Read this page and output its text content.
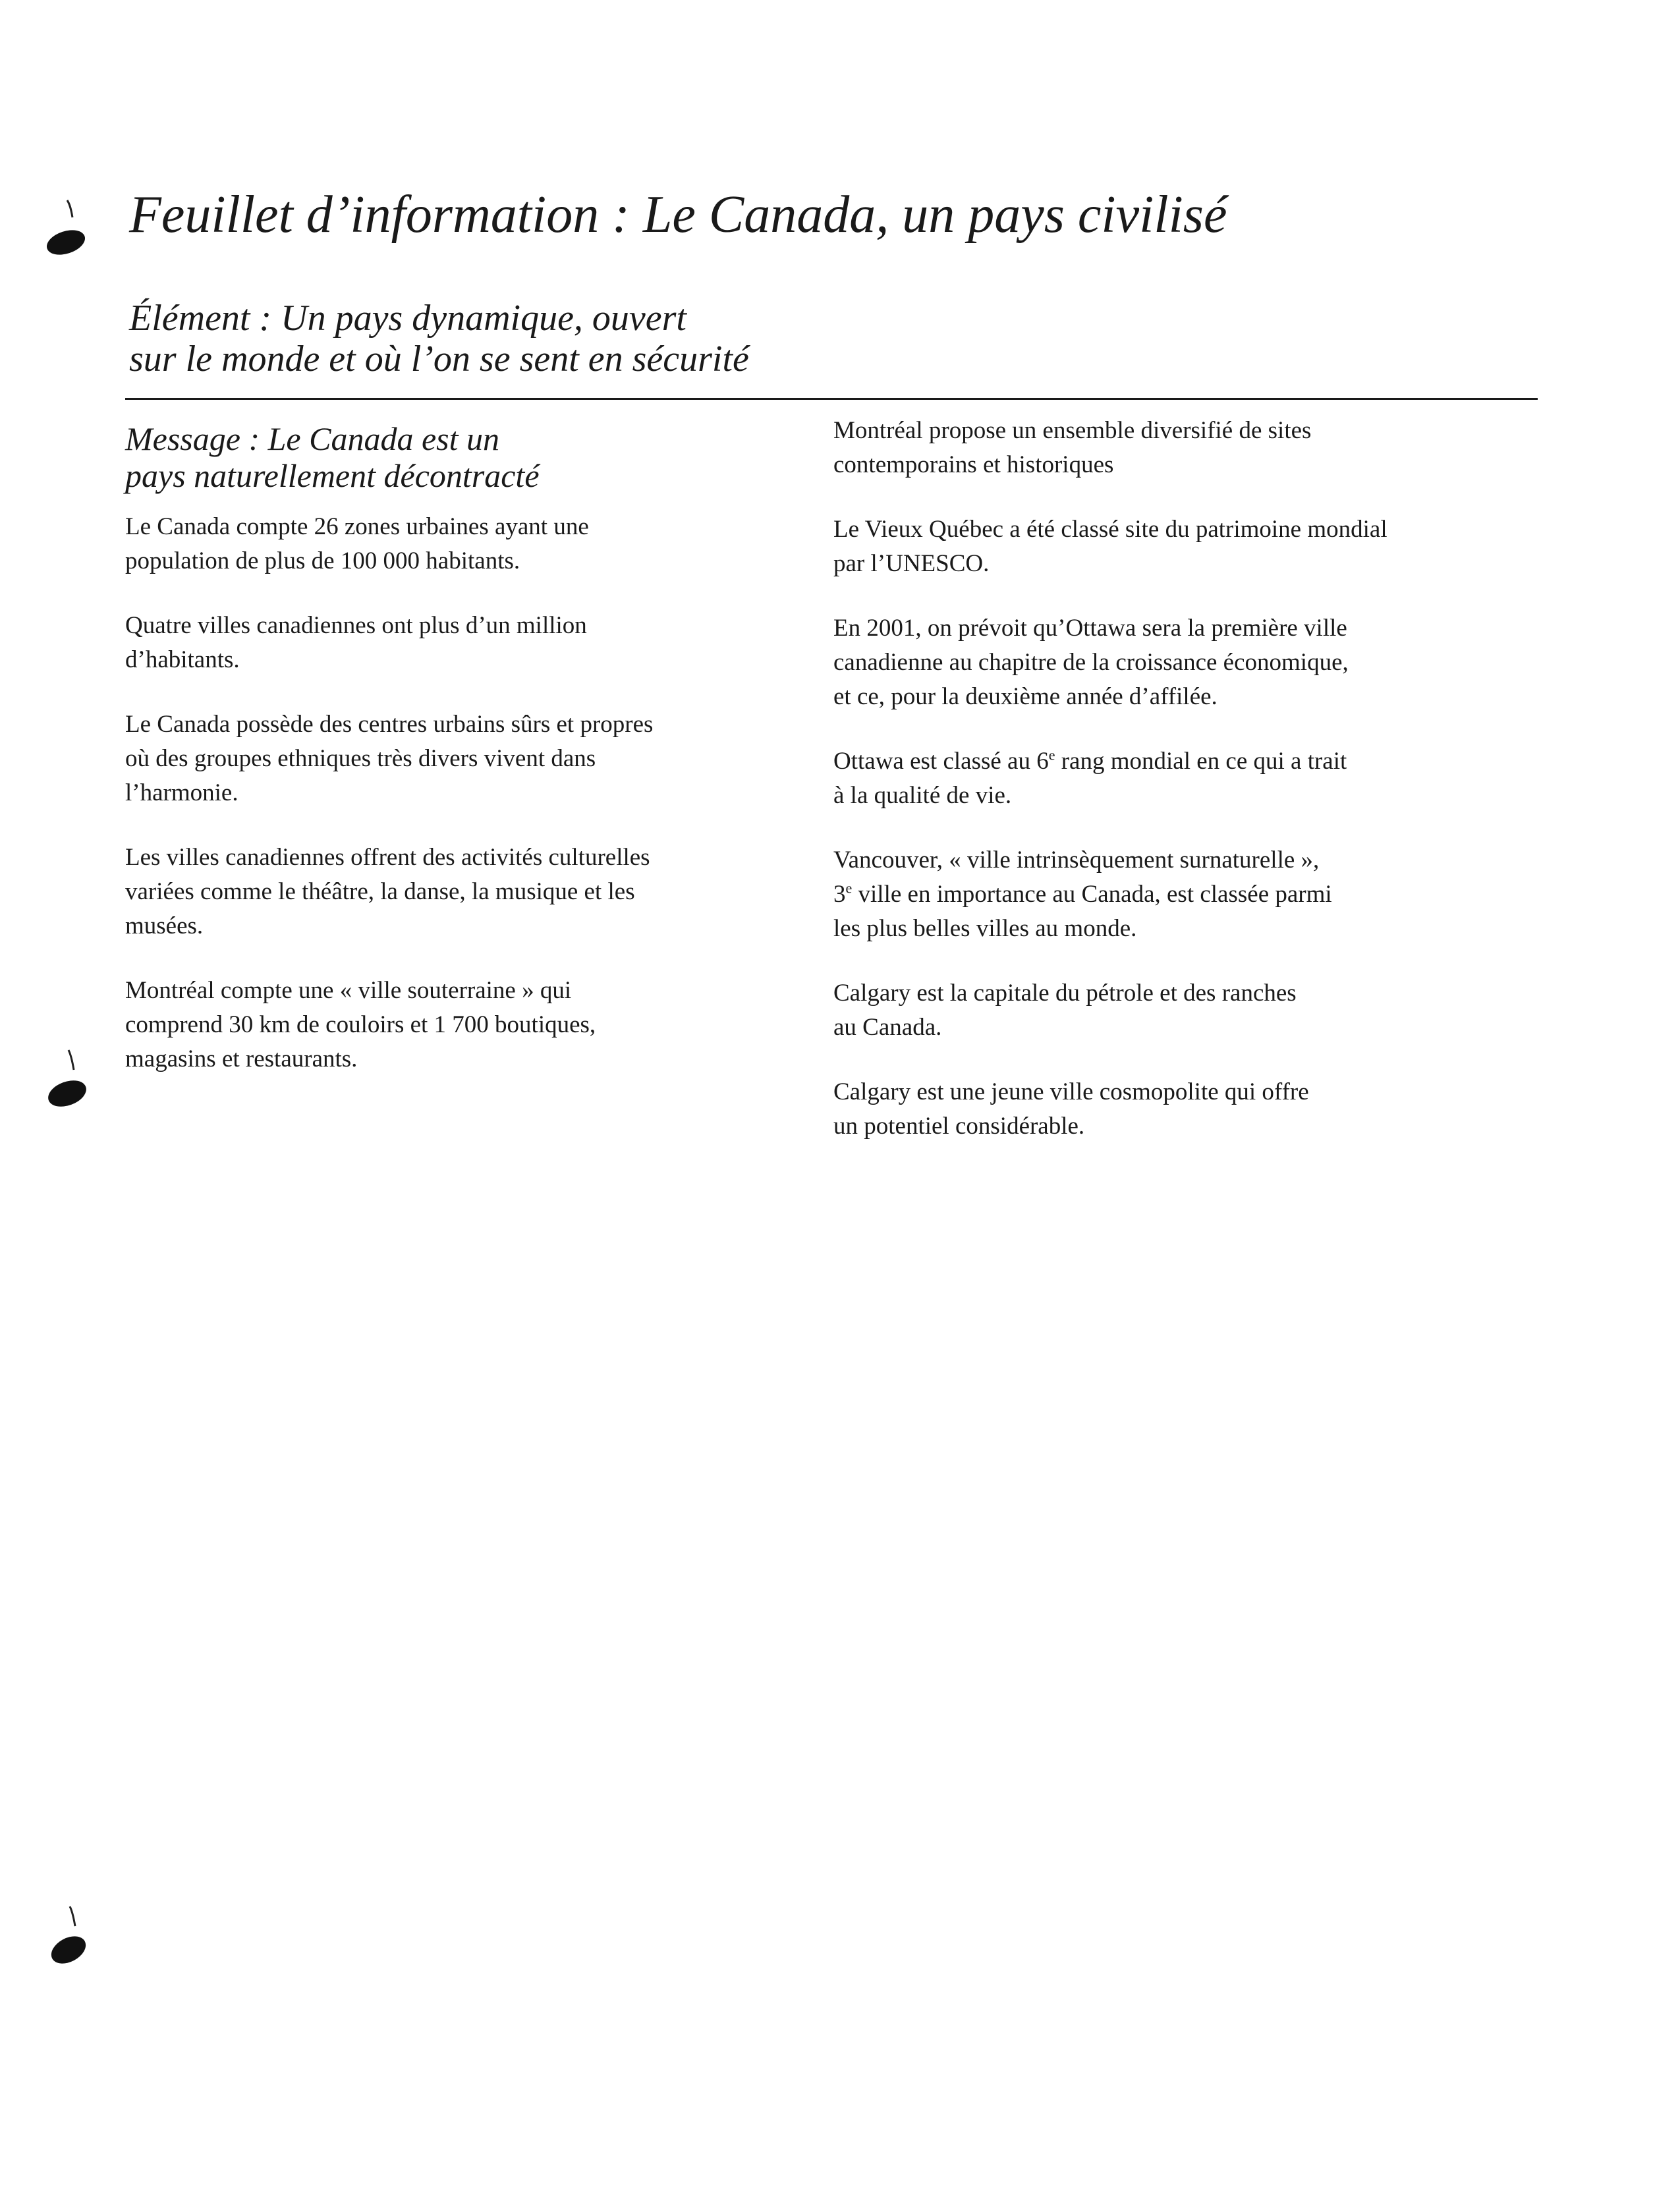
Feuillet d’information : Le Canada, un pays civilisé
Élément : Un pays dynamique, ouvert
sur le monde et où l’on se sent en sécurité
Message : Le Canada est un
pays naturellement décontracté

Le Canada compte 26 zones urbaines ayant une
population de plus de 100 000 habitants.

Quatre villes canadiennes ont plus d’un million
d’habitants.

Le Canada possède des centres urbains sûrs et propres
où des groupes ethniques très divers vivent dans
l’harmonie.

Les villes canadiennes offrent des activités culturelles
variées comme le théâtre, la danse, la musique et les
musées.

Montréal compte une « ville souterraine » qui
comprend 30 km de couloirs et 1 700 boutiques,
magasins et restaurants.

Montréal propose un ensemble diversifié de sites
contemporains et historiques

Le Vieux Québec a été classé site du patrimoine mondial
par l’UNESCO.

En 2001, on prévoit qu’Ottawa sera la première ville
canadienne au chapitre de la croissance économique,
et ce, pour la deuxième année d’affilée.

Ottawa est classé au 6e rang mondial en ce qui a trait
à la qualité de vie.

Vancouver, « ville intrinsèquement surnaturelle »,
3e ville en importance au Canada, est classée parmi
les plus belles villes au monde.

Calgary est la capitale du pétrole et des ranches
au Canada.

Calgary est une jeune ville cosmopolite qui offre
un potentiel considérable.
